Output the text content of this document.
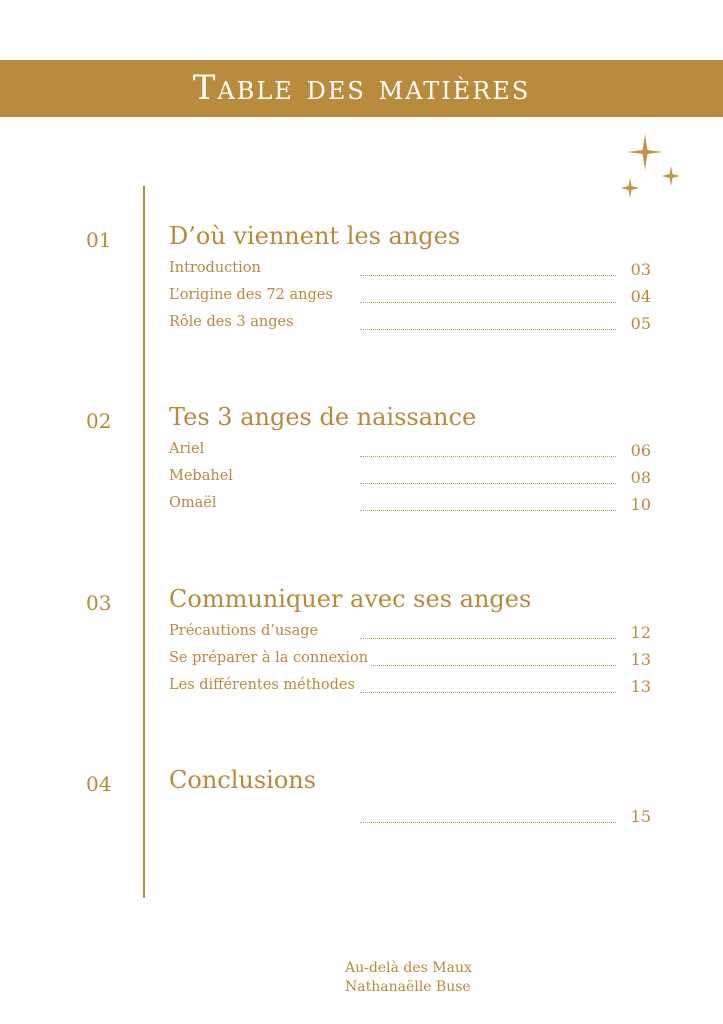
Table des matières
01 D’où viennent les anges
Introduction	03
L’origine des 72 anges	04
Rôle des 3 anges	05
02 Tes 3 anges de naissance
Ariel	06
Mebahel	08
Omaël	10
03 Communiquer avec ses anges
Précautions d’usage	12
Se préparer à la connexion	13
Les différentes méthodes	13
04 Conclusions
15
Au-delà des Maux
Nathanaëlle Buse
